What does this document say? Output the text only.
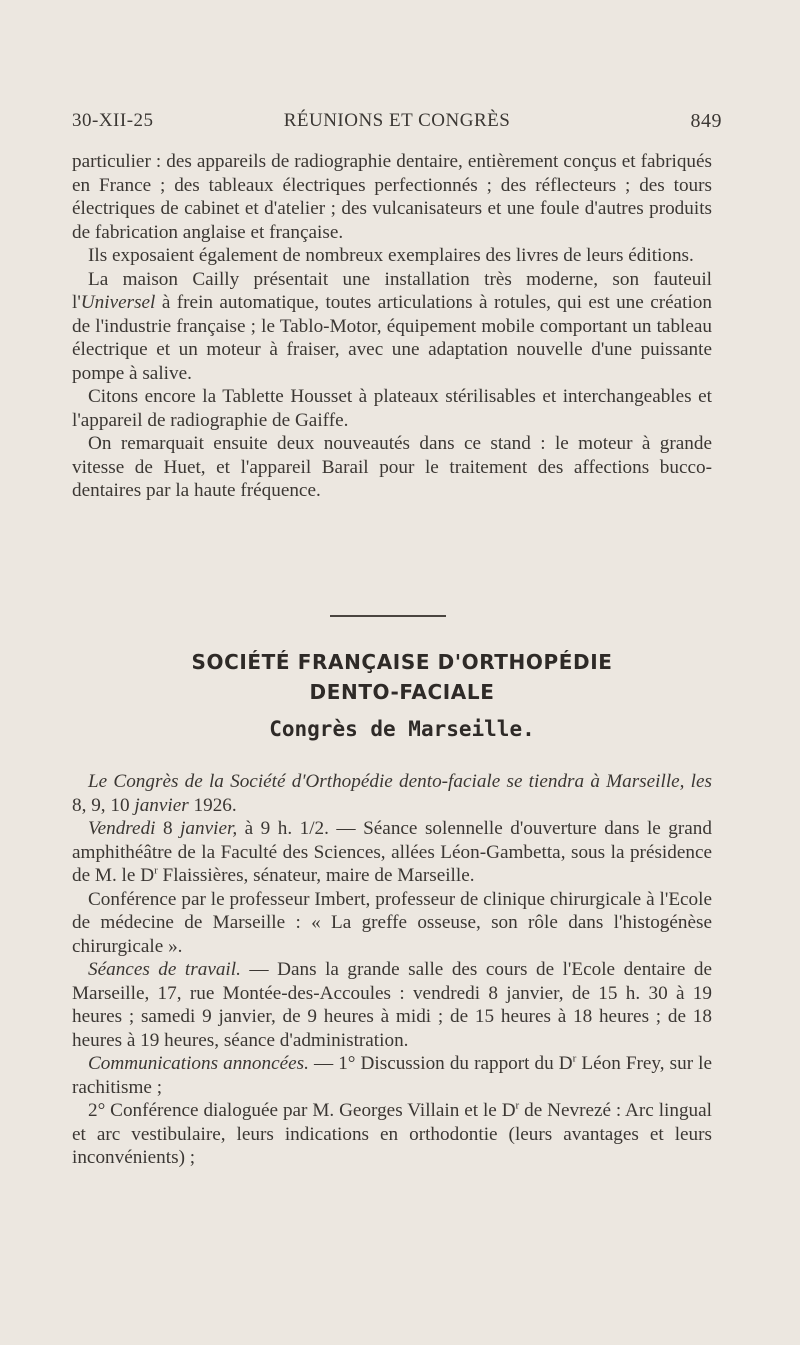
30-XII-25	RÉUNIONS ET CONGRÈS	849

particulier : des appareils de radiographie dentaire, entièrement conçus et fabriqués en France ; des tableaux électriques perfectionnés ; des réflecteurs ; des tours électriques de cabinet et d'atelier ; des vulcanisateurs et une foule d'autres produits de fabrication anglaise et française.

Ils exposaient également de nombreux exemplaires des livres de leurs éditions.

La maison Cailly présentait une installation très moderne, son fauteuil l'Universel à frein automatique, toutes articulations à rotules, qui est une création de l'industrie française ; le Tablo-Motor, équipement mobile comportant un tableau électrique et un moteur à fraiser, avec une adaptation nouvelle d'une puissante pompe à salive.

Citons encore la Tablette Housset à plateaux stérilisables et interchangeables et l'appareil de radiographie de Gaiffe.

On remarquait ensuite deux nouveautés dans ce stand : le moteur à grande vitesse de Huet, et l'appareil Barail pour le traitement des affections bucco-dentaires par la haute fréquence.

SOCIÉTÉ FRANÇAISE D'ORTHOPÉDIE
DENTO-FACIALE
Congrès de Marseille.

Le Congrès de la Société d'Orthopédie dento-faciale se tiendra à Marseille, les 8, 9, 10 janvier 1926.

Vendredi 8 janvier, à 9 h. 1/2. — Séance solennelle d'ouverture dans le grand amphithéâtre de la Faculté des Sciences, allées Léon-Gambetta, sous la présidence de M. le $D^r$ Flaissières, sénateur, maire de Marseille.

Conférence par le professeur Imbert, professeur de clinique chirurgicale à l'Ecole de médecine de Marseille : « La greffe osseuse, son rôle dans l'histogénèse chirurgicale ».

Séances de travail. — Dans la grande salle des cours de l'Ecole dentaire de Marseille, 17, rue Montée-des-Accoules : vendredi 8 janvier, de 15 h. 30 à 19 heures ; samedi 9 janvier, de 9 heures à midi ; de 15 heures à 18 heures ; de 18 heures à 19 heures, séance d'administration.

Communications annoncées. — 1° Discussion du rapport du $D^r$ Léon Frey, sur le rachitisme ;

2° Conférence dialoguée par M. Georges Villain et le $D^r$ de Nevrezé : Arc lingual et arc vestibulaire, leurs indications en orthodontie (leurs avantages et leurs inconvénients) ;
